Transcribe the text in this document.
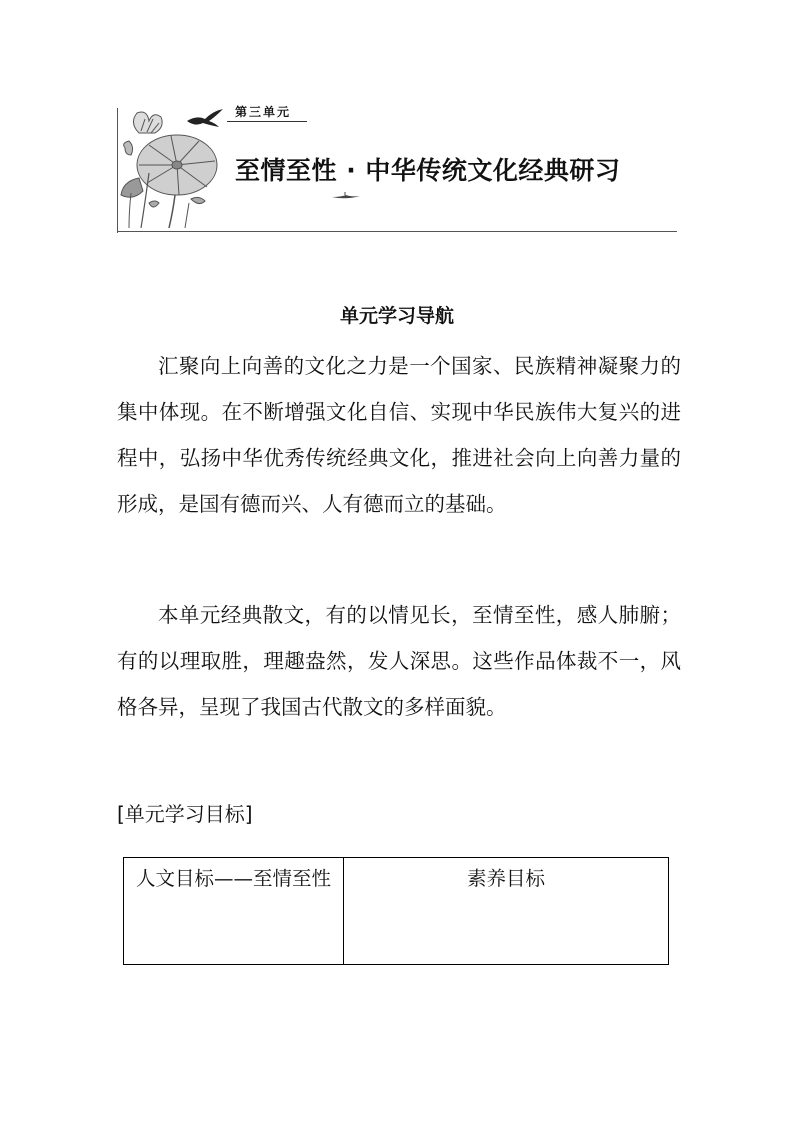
第三单元
至情至性 · 中华传统文化经典研习
单元学习导航

汇聚向上向善的文化之力是一个国家、民族精神凝聚力的集中体现。在不断增强文化自信、实现中华民族伟大复兴的进程中，弘扬中华优秀传统经典文化，推进社会向上向善力量的形成，是国有德而兴、人有德而立的基础。

本单元经典散文，有的以情见长，至情至性，感人肺腑；有的以理取胜，理趣盎然，发人深思。这些作品体裁不一，风格各异，呈现了我国古代散文的多样面貌。

[单元学习目标]
人文目标——至情至性	素养目标
